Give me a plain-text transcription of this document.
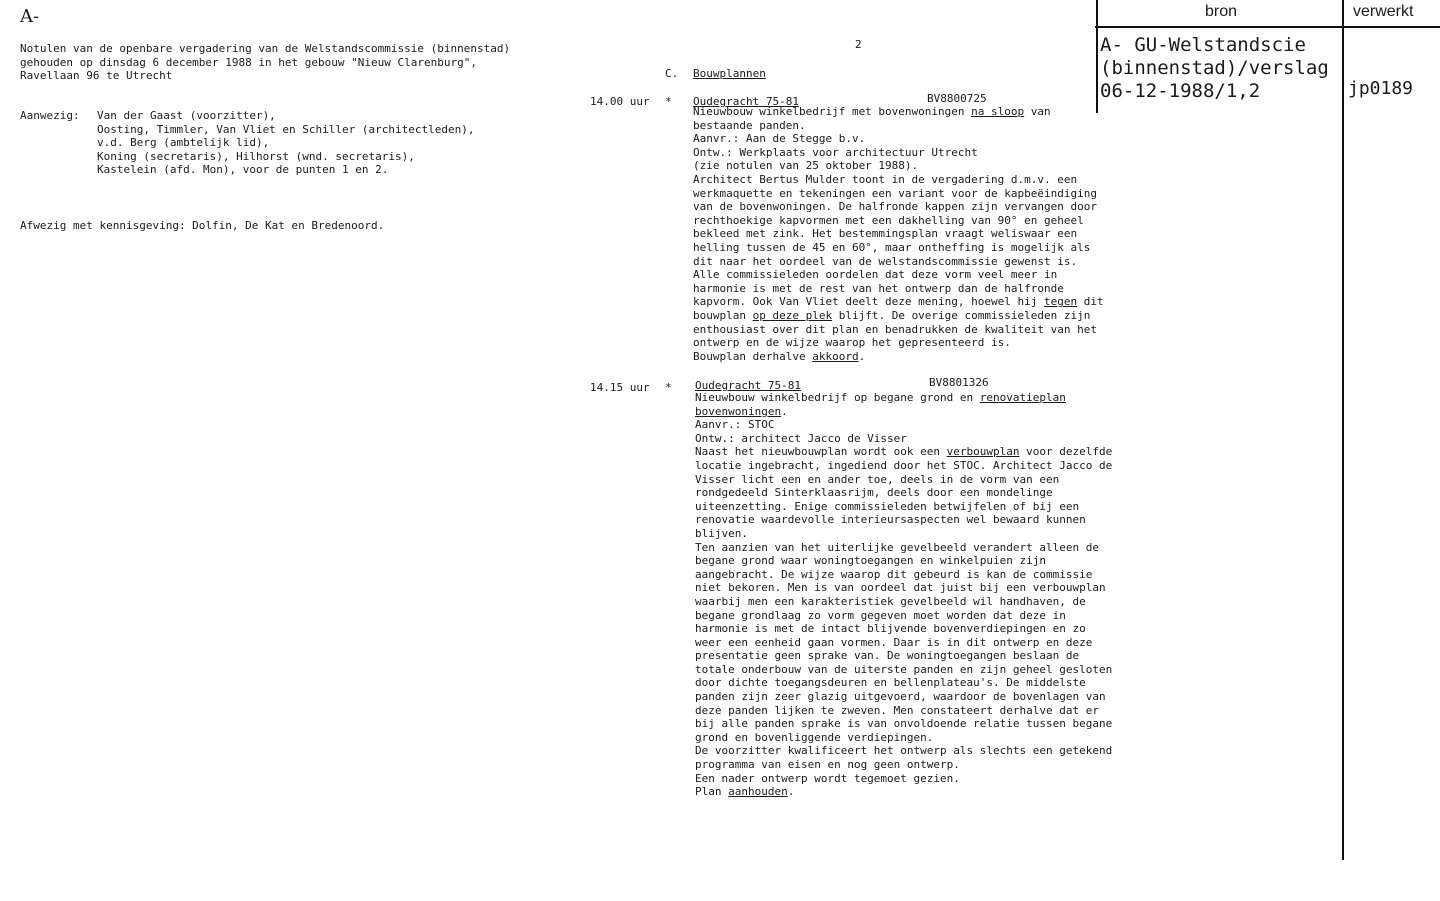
A-	bron	verwerkt
A- GU-Welstandscie
(binnenstad)/verslag
06-12-1988/1,2	jp0189
Notulen van de openbare vergadering van de Welstandscommissie (binnenstad)
gehouden op dinsdag 6 december 1988 in het gebouw "Nieuw Clarenburg",
Ravellaan 96 te Utrecht
Aanwezig: Van der Gaast (voorzitter),
Oosting, Timmler, Van Vliet en Schiller (architectleden),
v.d. Berg (ambtelijk lid),
Koning (secretaris), Hilhorst (wnd. secretaris),
Kastelein (afd. Mon), voor de punten 1 en 2.
Afwezig met kennisgeving: Dolfin, De Kat en Bredenoord.
2
C. Bouwplannen
14.00 uur * Oudegracht 75-81	BV8800725
Nieuwbouw winkelbedrijf met bovenwoningen na sloop van
bestaande panden.
Aanvr.: Aan de Stegge b.v.
Ontw.: Werkplaats voor architectuur Utrecht
(zie notulen van 25 oktober 1988).
Architect Bertus Mulder toont in de vergadering d.m.v. een
werkmaquette en tekeningen een variant voor de kapbeëindiging
van de bovenwoningen. De halfronde kappen zijn vervangen door
rechthoekige kapvormen met een dakhelling van 90° en geheel
bekleed met zink. Het bestemmingsplan vraagt weliswaar een
helling tussen de 45 en 60°, maar ontheffing is mogelijk als
dit naar het oordeel van de welstandscommissie gewenst is.
Alle commissieleden oordelen dat deze vorm veel meer in
harmonie is met de rest van het ontwerp dan de halfronde
kapvorm. Ook Van Vliet deelt deze mening, hoewel hij tegen dit
bouwplan op deze plek blijft. De overige commissieleden zijn
enthousiast over dit plan en benadrukken de kwaliteit van het
ontwerp en de wijze waarop het gepresenteerd is.
Bouwplan derhalve akkoord.
14.15 uur * Oudegracht 75-81	BV8801326
Nieuwbouw winkelbedrijf op begane grond en renovatieplan
bovenwoningen.
Aanvr.: STOC
Ontw.: architect Jacco de Visser
Naast het nieuwbouwplan wordt ook een verbouwplan voor dezelfde
locatie ingebracht, ingediend door het STOC. Architect Jacco de
Visser licht een en ander toe, deels in de vorm van een
rondgedeeld Sinterklaasrijm, deels door een mondelinge
uiteenzetting. Enige commissieleden betwijfelen of bij een
renovatie waardevolle interieursaspecten wel bewaard kunnen
blijven.
Ten aanzien van het uiterlijke gevelbeeld verandert alleen de
begane grond waar woningtoegangen en winkelpuien zijn
aangebracht. De wijze waarop dit gebeurd is kan de commissie
niet bekoren. Men is van oordeel dat juist bij een verbouwplan
waarbij men een karakteristiek gevelbeeld wil handhaven, de
begane grondlaag zo vorm gegeven moet worden dat deze in
harmonie is met de intact blijvende bovenverdiepingen en zo
weer een eenheid gaan vormen. Daar is in dit ontwerp en deze
presentatie geen sprake van. De woningtoegangen beslaan de
totale onderbouw van de uiterste panden en zijn geheel gesloten
door dichte toegangsdeuren en bellenplateau's. De middelste
panden zijn zeer glazig uitgevoerd, waardoor de bovenlagen van
deze panden lijken te zweven. Men constateert derhalve dat er
bij alle panden sprake is van onvoldoende relatie tussen begane
grond en bovenliggende verdiepingen.
De voorzitter kwalificeert het ontwerp als slechts een getekend
programma van eisen en nog geen ontwerp.
Een nader ontwerp wordt tegemoet gezien.
Plan aanhouden.
